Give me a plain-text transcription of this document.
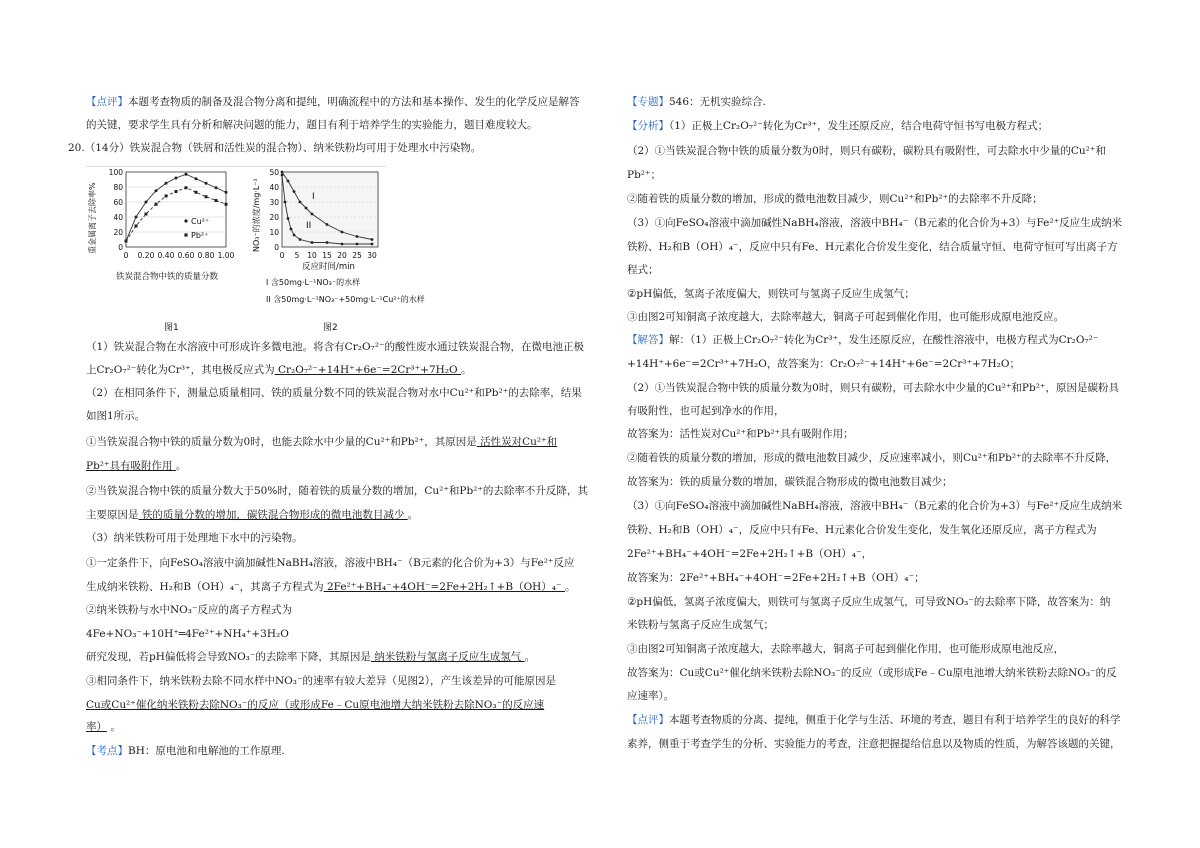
【点评】本题考查物质的制备及混合物分离和提纯，明确流程中的方法和基本操作、发生的化学反应是解答
的关键，要求学生具有分析和解决问题的能力，题目有利于培养学生的实验能力，题目难度较大。
20.（14分）铁炭混合物（铁屑和活性炭的混合物）、纳米铁粉均可用于处理水中污染物。
重金属离子去除率%
100
80
60
40
20
0
0 0.20 0.40 0.60 0.80 1.00
Cu²⁺
Pb²⁺
铁炭混合物中铁的质量分数
图1
NO₃⁻的浓度/mg·L⁻¹
50
40
30
20
10
0
0 5 10 15 20 25 30
I
II
反应时间/min
I 含50mg·L⁻¹NO₃⁻的水样
II 含50mg·L⁻¹NO₃⁻+50mg·L⁻¹Cu²⁺的水样
图2
（1）铁炭混合物在水溶液中可形成许多微电池。将含有Cr₂O₇²⁻的酸性废水通过铁炭混合物，在微电池正极
上Cr₂O₇²⁻转化为Cr³⁺，其电极反应式为 Cr₂O₇²⁻+14H⁺+6e⁻=2Cr³⁺+7H₂O 。
（2）在相同条件下，测量总质量相同、铁的质量分数不同的铁炭混合物对水中Cu²⁺和Pb²⁺的去除率，结果
如图1所示。
①当铁炭混合物中铁的质量分数为0时，也能去除水中少量的Cu²⁺和Pb²⁺，其原因是 活性炭对Cu²⁺和
Pb²⁺具有吸附作用 。
②当铁炭混合物中铁的质量分数大于50%时，随着铁的质量分数的增加，Cu²⁺和Pb²⁺的去除率不升反降，其
主要原因是 铁的质量分数的增加，碳铁混合物形成的微电池数目减少 。
（3）纳米铁粉可用于处理地下水中的污染物。
①一定条件下，向FeSO₄溶液中滴加碱性NaBH₄溶液，溶液中BH₄⁻（B元素的化合价为+3）与Fe²⁺反应
生成纳米铁粉、H₂和B（OH）₄⁻，其离子方程式为 2Fe²⁺+BH₄⁻+4OH⁻=2Fe+2H₂↑+B（OH）₄⁻ 。
②纳米铁粉与水中NO₃⁻反应的离子方程式为
4Fe+NO₃⁻+10H⁺═4Fe²⁺+NH₄⁺+3H₂O
研究发现，若pH偏低将会导致NO₃⁻的去除率下降，其原因是 纳米铁粉与氢离子反应生成氢气 。
③相同条件下，纳米铁粉去除不同水样中NO₃⁻的速率有较大差异（见图2），产生该差异的可能原因是
Cu或Cu²⁺催化纳米铁粉去除NO₃⁻的反应（或形成Fe﹣Cu原电池增大纳米铁粉去除NO₃⁻的反应速
率） 。
【考点】BH：原电池和电解池的工作原理.
【专题】546：无机实验综合.
【分析】（1）正极上Cr₂O₇²⁻转化为Cr³⁺，发生还原反应，结合电荷守恒书写电极方程式；
（2）①当铁炭混合物中铁的质量分数为0时，则只有碳粉，碳粉具有吸附性，可去除水中少量的Cu²⁺和
Pb²⁺；
②随着铁的质量分数的增加，形成的微电池数目减少，则Cu²⁺和Pb²⁺的去除率不升反降；
（3）①向FeSO₄溶液中滴加碱性NaBH₄溶液，溶液中BH₄⁻（B元素的化合价为+3）与Fe²⁺反应生成纳米
铁粉、H₂和B（OH）₄⁻，反应中只有Fe、H元素化合价发生变化，结合质量守恒、电荷守恒可写出离子方
程式；
②pH偏低，氢离子浓度偏大，则铁可与氢离子反应生成氢气；
③由图2可知铜离子浓度越大，去除率越大，铜离子可起到催化作用，也可能形成原电池反应。
【解答】解：（1）正极上Cr₂O₇²⁻转化为Cr³⁺，发生还原反应，在酸性溶液中，电极方程式为Cr₂O₇²⁻
+14H⁺+6e⁻=2Cr³⁺+7H₂O，故答案为：Cr₂O₇²⁻+14H⁺+6e⁻=2Cr³⁺+7H₂O；
（2）①当铁炭混合物中铁的质量分数为0时，则只有碳粉，可去除水中少量的Cu²⁺和Pb²⁺，原因是碳粉具
有吸附性，也可起到净水的作用，
故答案为：活性炭对Cu²⁺和Pb²⁺具有吸附作用；
②随着铁的质量分数的增加，形成的微电池数目减少，反应速率减小，则Cu²⁺和Pb²⁺的去除率不升反降，
故答案为：铁的质量分数的增加，碳铁混合物形成的微电池数目减少；
（3）①向FeSO₄溶液中滴加碱性NaBH₄溶液，溶液中BH₄⁻（B元素的化合价为+3）与Fe²⁺反应生成纳米
铁粉、H₂和B（OH）₄⁻，反应中只有Fe、H元素化合价发生变化，发生氧化还原反应，离子方程式为
2Fe²⁺+BH₄⁻+4OH⁻=2Fe+2H₂↑+B（OH）₄⁻，
故答案为：2Fe²⁺+BH₄⁻+4OH⁻=2Fe+2H₂↑+B（OH）₄⁻；
②pH偏低，氢离子浓度偏大，则铁可与氢离子反应生成氢气，可导致NO₃⁻的去除率下降，故答案为：纳
米铁粉与氢离子反应生成氢气；
③由图2可知铜离子浓度越大，去除率越大，铜离子可起到催化作用，也可能形成原电池反应，
故答案为：Cu或Cu²⁺催化纳米铁粉去除NO₃⁻的反应（或形成Fe﹣Cu原电池增大纳米铁粉去除NO₃⁻的反
应速率）。
【点评】本题考查物质的分离、提纯，侧重于化学与生活、环境的考查，题目有利于培养学生的良好的科学
素养，侧重于考查学生的分析、实验能力的考查，注意把握提给信息以及物质的性质，为解答该题的关键，
